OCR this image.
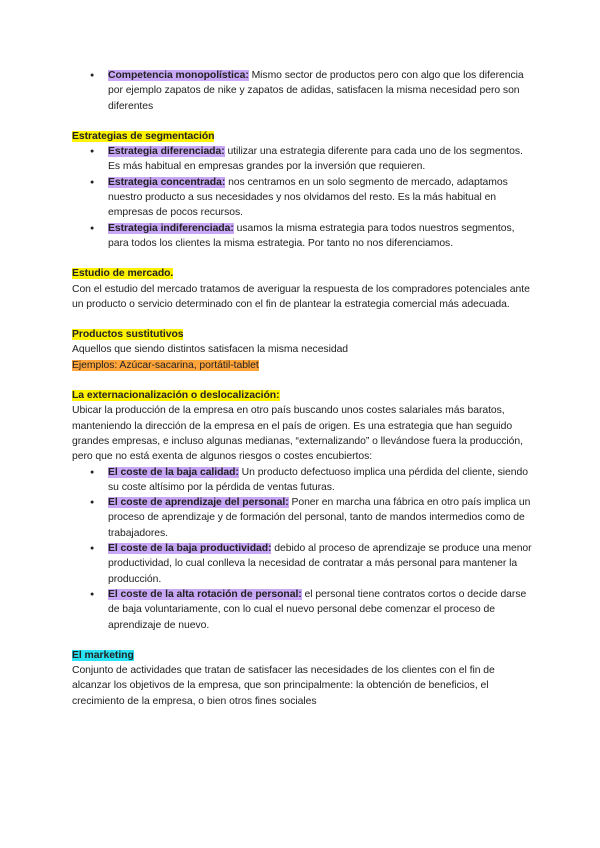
● Competencia monopolística: Mismo sector de productos pero con algo que los diferencia por ejemplo zapatos de nike y zapatos de adidas, satisfacen la misma necesidad pero son diferentes
Estrategias de segmentación
● Estrategia diferenciada: utilizar una estrategia diferente para cada uno de los segmentos. Es más habitual en empresas grandes por la inversión que requieren.
● Estrategia concentrada: nos centramos en un solo segmento de mercado, adaptamos nuestro producto a sus necesidades y nos olvidamos del resto. Es la más habitual en empresas de pocos recursos.
● Estrategia indiferenciada: usamos la misma estrategia para todos nuestros segmentos, para todos los clientes la misma estrategia. Por tanto no nos diferenciamos.
Estudio de mercado.

Con el estudio del mercado tratamos de averiguar la respuesta de los compradores potenciales ante un producto o servicio determinado con el fin de plantear la estrategia comercial más adecuada.

Productos sustitutivos

Aquellos que siendo distintos satisfacen la misma necesidad

Ejemplos: Azúcar-sacarina, portátil-tablet

La externacionalización o deslocalización:

Ubicar la producción de la empresa en otro país buscando unos costes salariales más baratos, manteniendo la dirección de la empresa en el país de origen. Es una estrategia que han seguido grandes empresas, e incluso algunas medianas, “externalizando” o llevándose fuera la producción, pero que no está exenta de algunos riesgos o costes encubiertos:

● El coste de la baja calidad: Un producto defectuoso implica una pérdida del cliente, siendo su coste altísimo por la pérdida de ventas futuras.
● El coste de aprendizaje del personal: Poner en marcha una fábrica en otro país implica un proceso de aprendizaje y de formación del personal, tanto de mandos intermedios como de trabajadores.
● El coste de la baja productividad: debido al proceso de aprendizaje se produce una menor productividad, lo cual conlleva la necesidad de contratar a más personal para mantener la producción.
● El coste de la alta rotación de personal: el personal tiene contratos cortos o decide darse de baja voluntariamente, con lo cual el nuevo personal debe comenzar el proceso de aprendizaje de nuevo.
El marketing

Conjunto de actividades que tratan de satisfacer las necesidades de los clientes con el fin de alcanzar los objetivos de la empresa, que son principalmente: la obtención de beneficios, el crecimiento de la empresa, o bien otros fines sociales
